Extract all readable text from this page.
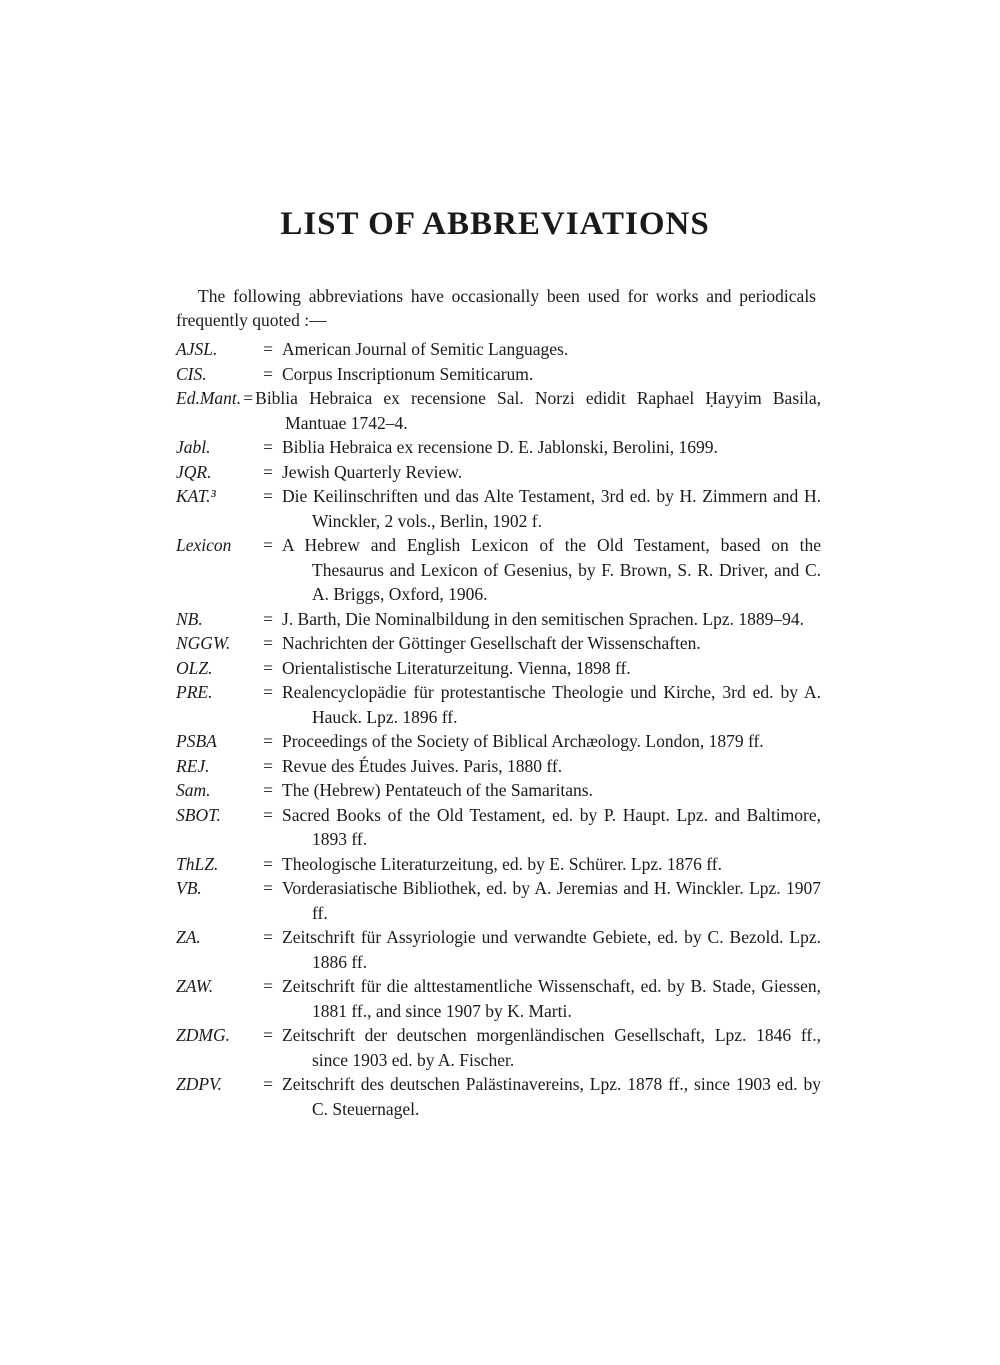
LIST OF ABBREVIATIONS

The following abbreviations have occasionally been used for works and periodicals frequently quoted :—

AJSL.	= American Journal of Semitic Languages.
CIS.	= Corpus Inscriptionum Semiticarum.
Ed.Mant. = Biblia Hebraica ex recensione Sal. Norzi edidit Raphael Ḥayyim Basila, Mantuae 1742–4.
Jabl.	= Biblia Hebraica ex recensione D. E. Jablonski, Berolini, 1699.
JQR.	= Jewish Quarterly Review.
KAT.³	= Die Keilinschriften und das Alte Testament, 3rd ed. by H. Zimmern and H. Winckler, 2 vols., Berlin, 1902 f.
Lexicon	= A Hebrew and English Lexicon of the Old Testament, based on the Thesaurus and Lexicon of Gesenius, by F. Brown, S. R. Driver, and C. A. Briggs, Oxford, 1906.
NB.	= J. Barth, Die Nominalbildung in den semitischen Sprachen. Lpz. 1889–94.
NGGW.	= Nachrichten der Göttinger Gesellschaft der Wissenschaften.
OLZ.	= Orientalistische Literaturzeitung. Vienna, 1898 ff.
PRE.	= Realencyclopädie für protestantische Theologie und Kirche, 3rd ed. by A. Hauck. Lpz. 1896 ff.
PSBA	= Proceedings of the Society of Biblical Archæology. London, 1879 ff.
REJ.	= Revue des Études Juives. Paris, 1880 ff.
Sam.	= The (Hebrew) Pentateuch of the Samaritans.
SBOT.	= Sacred Books of the Old Testament, ed. by P. Haupt. Lpz. and Baltimore, 1893 ff.
ThLZ.	= Theologische Literaturzeitung, ed. by E. Schürer. Lpz. 1876 ff.
VB.	= Vorderasiatische Bibliothek, ed. by A. Jeremias and H. Winckler. Lpz. 1907 ff.
ZA.	= Zeitschrift für Assyriologie und verwandte Gebiete, ed. by C. Bezold. Lpz. 1886 ff.
ZAW.	= Zeitschrift für die alttestamentliche Wissenschaft, ed. by B. Stade, Giessen, 1881 ff., and since 1907 by K. Marti.
ZDMG.	= Zeitschrift der deutschen morgenländischen Gesellschaft, Lpz. 1846 ff., since 1903 ed. by A. Fischer.
ZDPV.	= Zeitschrift des deutschen Palästinavereins, Lpz. 1878 ff., since 1903 ed. by C. Steuernagel.
